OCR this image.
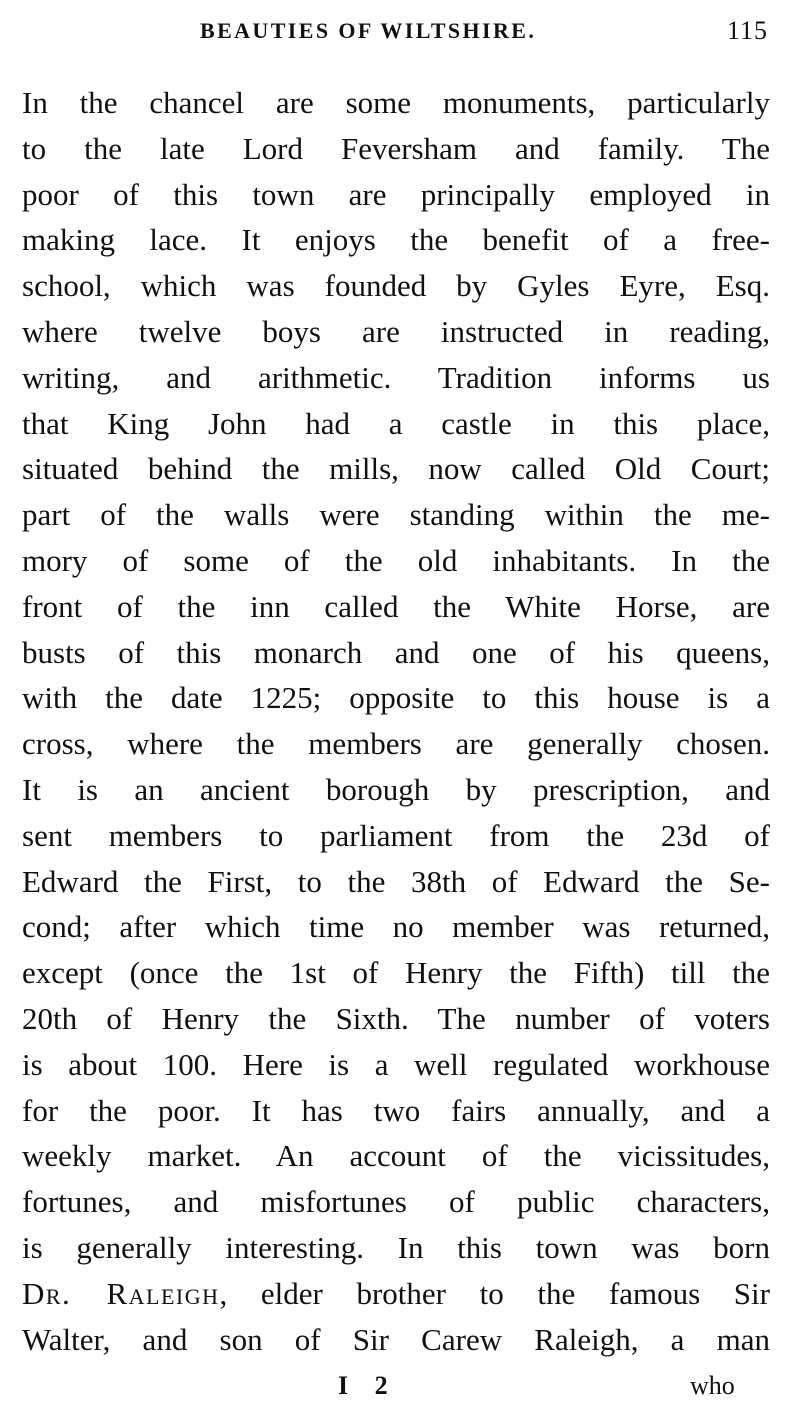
BEAUTIES OF WILTSHIRE.	115
In the chancel are some monuments, particularly
to the late Lord Feversham and family. The
poor of this town are principally employed in
making lace. It enjoys the benefit of a free-
school, which was founded by Gyles Eyre, Esq.
where twelve boys are instructed in reading,
writing, and arithmetic. Tradition informs us
that King John had a castle in this place,
situated behind the mills, now called Old Court;
part of the walls were standing within the me-
mory of some of the old inhabitants. In the
front of the inn called the White Horse, are
busts of this monarch and one of his queens,
with the date 1225; opposite to this house is a
cross, where the members are generally chosen.
It is an ancient borough by prescription, and
sent members to parliament from the 23d of
Edward the First, to the 38th of Edward the Se-
cond; after which time no member was returned,
except (once the 1st of Henry the Fifth) till the
20th of Henry the Sixth. The number of voters
is about 100. Here is a well regulated workhouse
for the poor. It has two fairs annually, and a
weekly market. An account of the vicissitudes,
fortunes, and misfortunes of public characters,
is generally interesting. In this town was born
Dr. Raleigh, elder brother to the famous Sir
Walter, and son of Sir Carew Raleigh, a man
I 2	who
